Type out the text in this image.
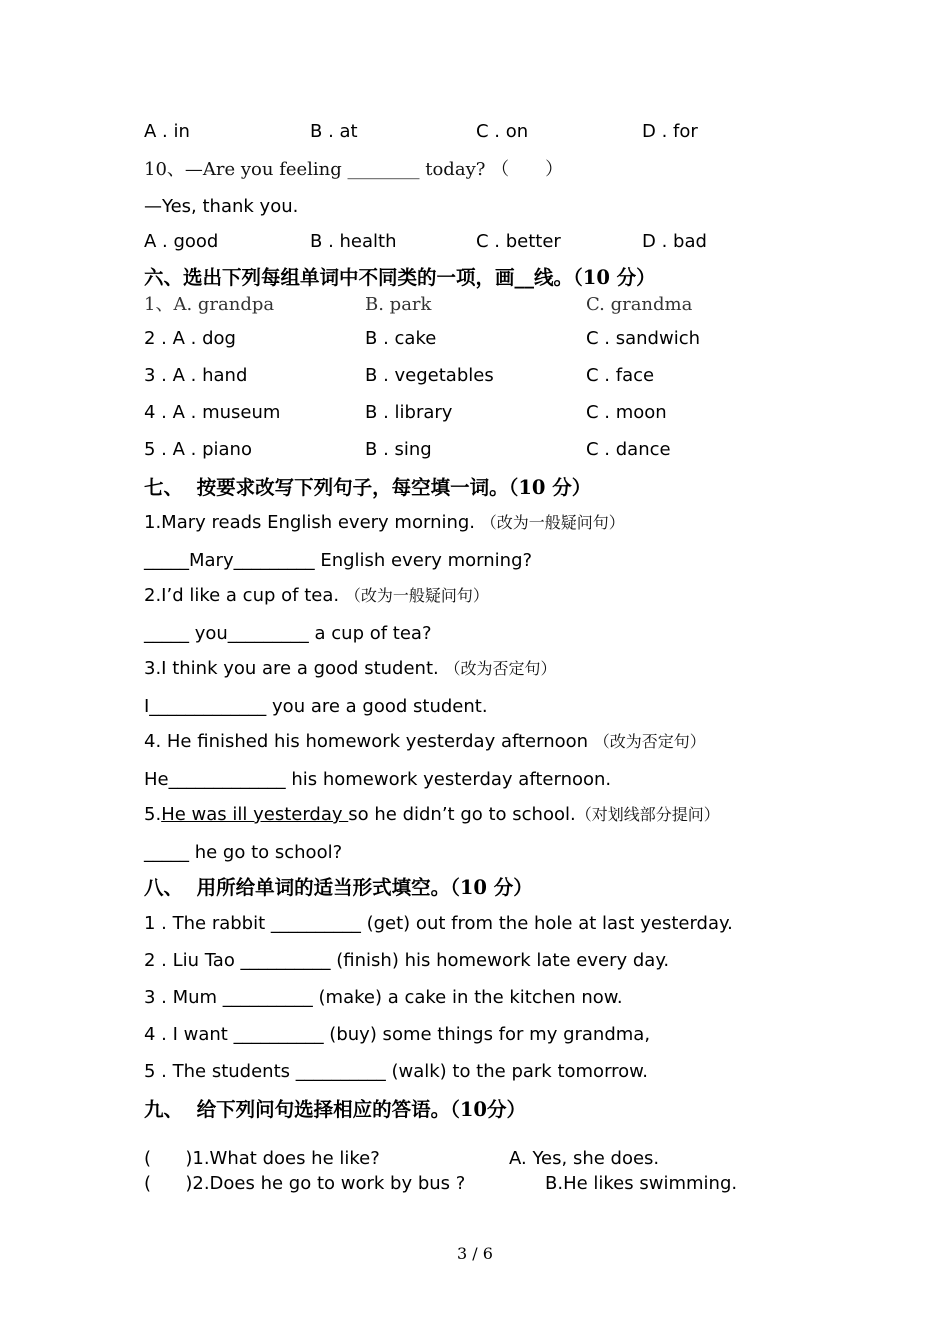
A . in	B . at	C . on	D . for
10、—Are you feeling ________ today? （　　）
—Yes, thank you.
A . good	B . health	C . better	D . bad
六、选出下列每组单词中不同类的一项，画__线。（10 分）
1、A. grandpa	B. park	C. grandma
2 . A . dog	B . cake	C . sandwich
3 . A . hand	B . vegetables	C . face
4 . A . museum	B . library	C . moon
5 . A . piano	B . sing	C . dance
七、  按要求改写下列句子，每空填一词。（10 分）
1.Mary reads English every morning. （改为一般疑问句）
_____Mary_________ English every morning?
2.I’d like a cup of tea. （改为一般疑问句）
_____ you_________ a cup of tea?
3.I think you are a good student. （改为否定句）
I_____________ you are a good student.
4. He finished his homework yesterday afternoon （改为否定句）
He_____________ his homework yesterday afternoon.
5.He was ill yesterday so he didn’t go to school.（对划线部分提问）
_____ he go to school?
八、  用所给单词的适当形式填空。（10 分）
1 . The rabbit __________ (get) out from the hole at last yesterday.
2 . Liu Tao __________ (finish) his homework late every day.
3 . Mum __________ (make) a cake in the kitchen now.
4 . I want __________ (buy) some things for my grandma,
5 . The students __________ (walk) to the park tomorrow.
九、  给下列问句选择相应的答语。（10分）
(      )1.What does he like?	A. Yes, she does.
(      )2.Does he go to work by bus ?	B.He likes swimming.
3 / 6
